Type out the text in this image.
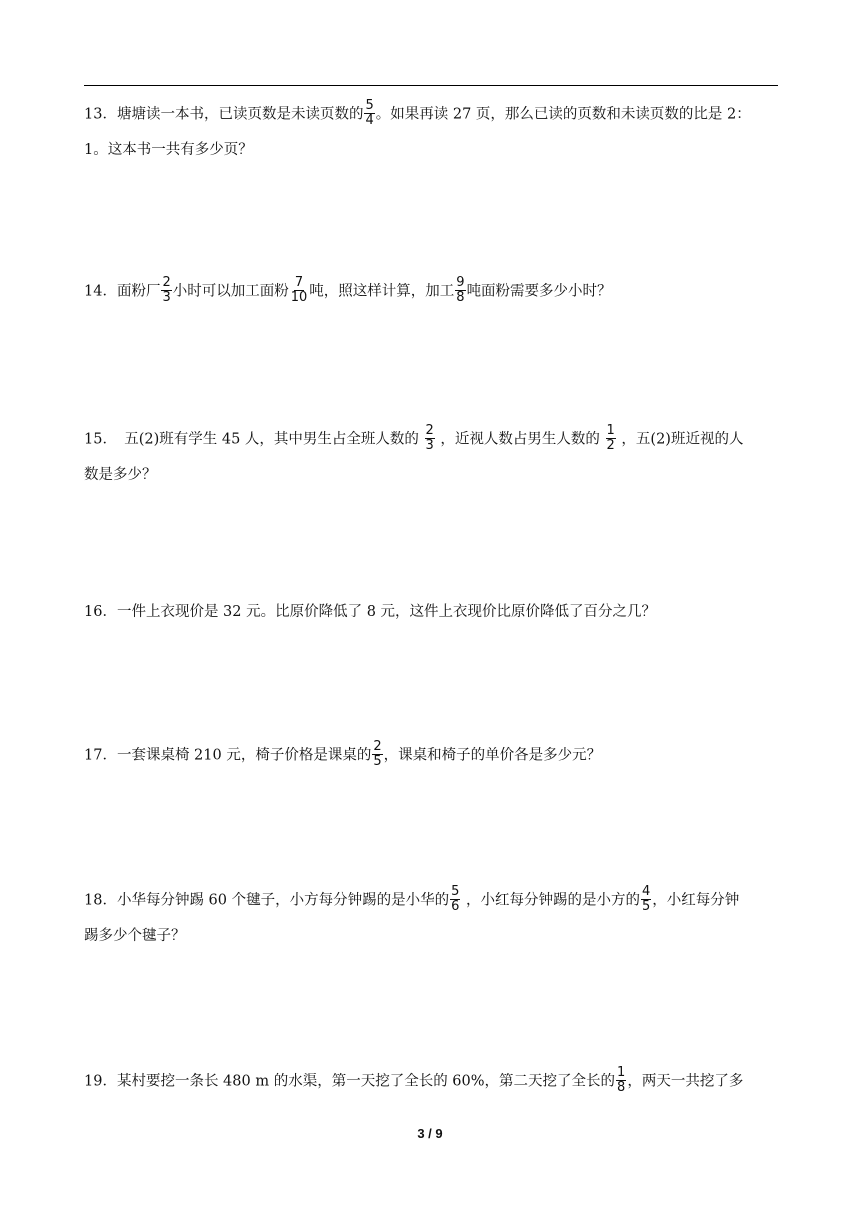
13．塘塘读一本书，已读页数是未读页数的 $\frac{5}{4}$ 。如果再读 27 页，那么已读的页数和未读页数的比是 2：
1。这本书一共有多少页？
14．面粉厂 $\frac{2}{3}$ 小时可以加工面粉 $\frac{7}{10}$ 吨，照这样计算，加工 $\frac{9}{8}$ 吨面粉需要多少小时？
15．　五(2)班有学生 45 人，其中男生占全班人数的 $\frac{2}{3}$ ，近视人数占男生人数的 $\frac{1}{2}$ ，五(2)班近视的人
数是多少？
16．一件上衣现价是 32 元。比原价降低了 8 元，这件上衣现价比原价降低了百分之几？
17．一套课桌椅 210 元，椅子价格是课桌的 $\frac{2}{5}$ ，课桌和椅子的单价各是多少元？
18．小华每分钟踢 60 个毽子，小方每分钟踢的是小华的 $\frac{5}{6}$ ，小红每分钟踢的是小方的 $\frac{4}{5}$ ，小红每分钟
踢多少个毽子？
19．某村要挖一条长 480 m 的水渠，第一天挖了全长的 60%，第二天挖了全长的 $\frac{1}{8}$ ，两天一共挖了多
3 / 9
